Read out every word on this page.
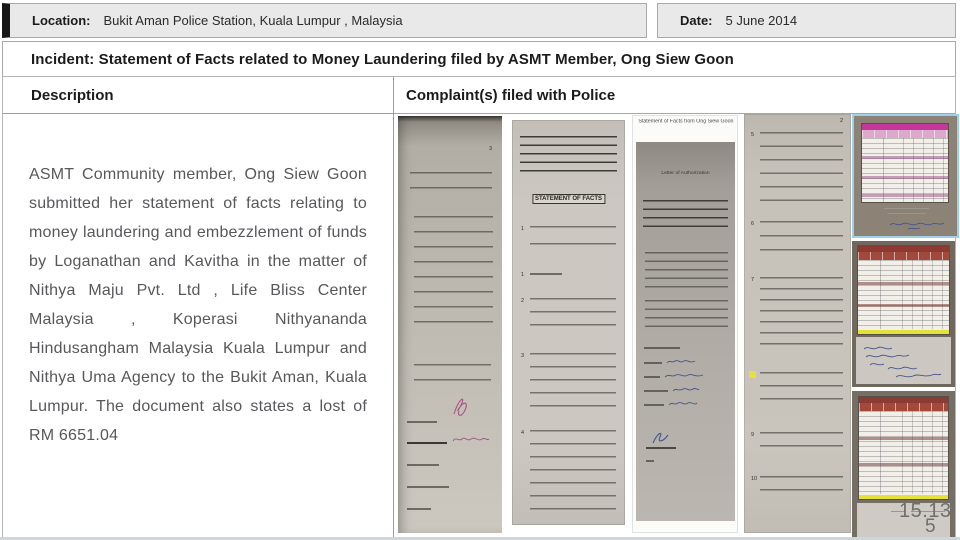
Location: Bukit Aman Police Station, Kuala Lumpur , Malaysia	Date: 5 June 2014
Incident: Statement of Facts related to Money Laundering filed by ASMT Member, Ong Siew Goon
Description
ASMT Community member, Ong Siew Goon submitted her statement of facts relating to money laundering and embezzlement of funds by Loganathan and Kavitha in the matter of Nithya Maju Pvt. Ltd , Life Bliss Center Malaysia , Koperasi Nithyananda Hindusangham Malaysia Kuala Lumpur and Nithya Uma Agency to the Bukit Aman, Kuala Lumpur. The document also states a lost of RM 6651.04
Complaint(s) filed with Police
3
STATEMENT OF FACTS
1
1
2
3
4
Statement of Facts from Ong Siew Goon
Letter of Authorization
2
5
6
7
9
10
15.13
5
